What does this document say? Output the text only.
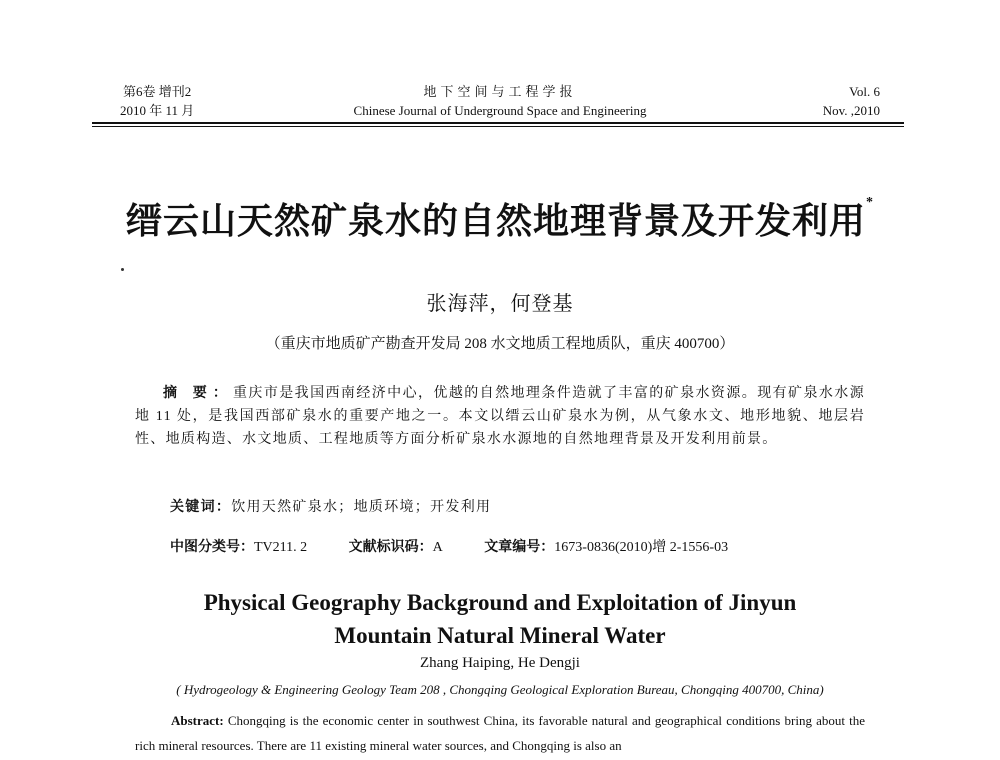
第6卷 增刊2
2010 年 11 月
地下空间与工程学报
Chinese Journal of Underground Space and Engineering
Vol. 6
Nov. ,2010
缙云山天然矿泉水的自然地理背景及开发利用*
张海萍，何登基
（重庆市地质矿产勘查开发局 208 水文地质工程地质队，重庆 400700）
摘 要：重庆市是我国西南经济中心，优越的自然地理条件造就了丰富的矿泉水资源。现有矿泉水水源地 11 处，是我国西部矿泉水的重要产地之一。本文以缙云山矿泉水为例，从气象水文、地形地貌、地层岩性、地质构造、水文地质、工程地质等方面分析矿泉水水源地的自然地理背景及开发利用前景。
关键词：饮用天然矿泉水；地质环境；开发利用
中图分类号：TV211. 2	文献标识码：A	文章编号：1673-0836(2010)增 2-1556-03
Physical Geography Background and Exploitation of Jinyun
Mountain Natural Mineral Water
Zhang Haiping, He Dengji
( Hydrogeology & Engineering Geology Team 208 , Chongqing Geological Exploration Bureau, Chongqing 400700, China)
Abstract: Chongqing is the economic center in southwest China, its favorable natural and geographical conditions bring about the rich mineral resources. There are 11 existing mineral water sources, and Chongqing is also an
